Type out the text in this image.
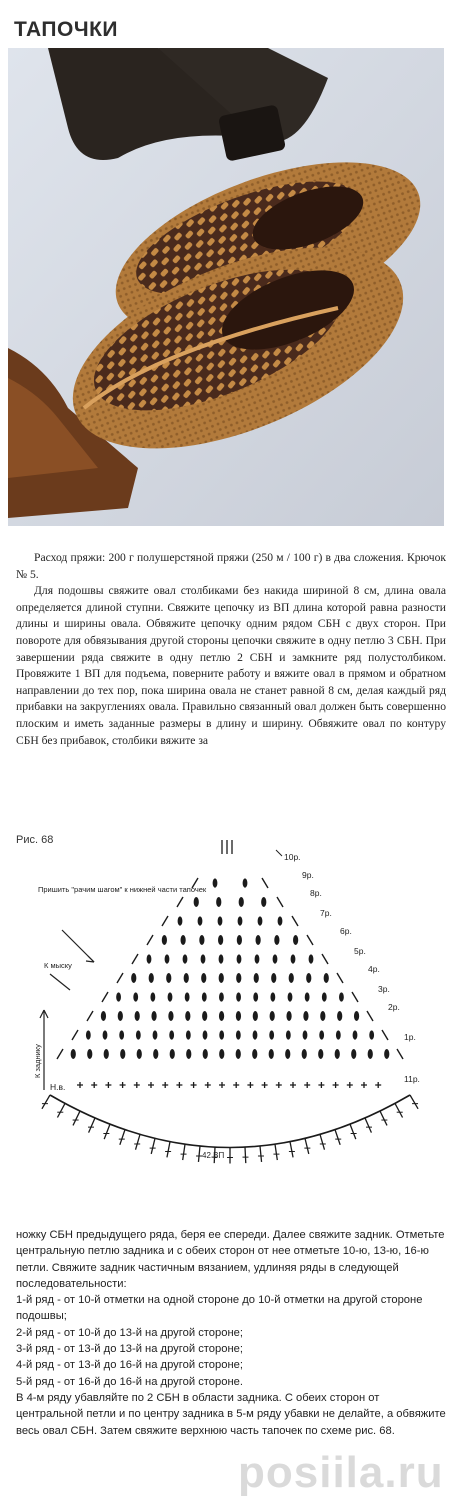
ТАПОЧКИ

Расход пряжи: 200 г полушерстяной пряжи (250 м / 100 г) в два сложения. Крючок № 5.

Для подошвы свяжите овал столбиками без накида шириной 8 см, длина овала определяется длиной ступни. Свяжите цепочку из ВП длина которой равна разности длины и ширины овала. Обвяжите цепочку одним рядом СБН с двух сторон. При повороте для обвязывания другой стороны цепочки свяжите в одну петлю 3 СБН. При завершении ряда свяжите в одну петлю 2 СБН и замкните ряд полустолбиком. Провяжите 1 ВП для подъема, поверните работу и вяжите овал в прямом и обратном направлении до тех пор, пока ширина овала не станет равной 8 см, делая каждый ряд прибавки на закруглениях овала. Правильно связанный овал должен быть совершенно плоским и иметь заданные размеры в длину и ширину. Обвяжите овал по контуру СБН без прибавок, столбики вяжите за

Рис. 68
10р.
9р.
8р.
7р.
6р.
5р.
4р.
3р.
2р.
1р.
11р.
Пришить "рачим шагом" к нижней части тапочек
К мыску
К заднику
Н.в.
42 ВП

ножку СБН предыдущего ряда, беря ее спереди. Далее свяжите задник. Отметьте центральную петлю задника и с обеих сторон от нее отметьте 10-ю, 13-ю, 16-ю петли. Свяжите задник частичным вязанием, удлиняя ряды в следующей последовательности:

1-й ряд - от 10-й отметки на одной стороне до 10-й отметки на другой стороне подошвы;

2-й ряд - от 10-й до 13-й на другой стороне;

3-й ряд - от 13-й до 13-й на другой стороне;

4-й ряд - от 13-й до 16-й на другой стороне;

5-й ряд - от 16-й до 16-й на другой стороне.

В 4-м ряду убавляйте по 2 СБН в области задника. С обеих сторон от центральной петли и по центру задника в 5-м ряду убавки не делайте, а обвяжите весь овал СБН. Затем свяжите верхнюю часть тапочек по схеме рис. 68.

posiila.ru
